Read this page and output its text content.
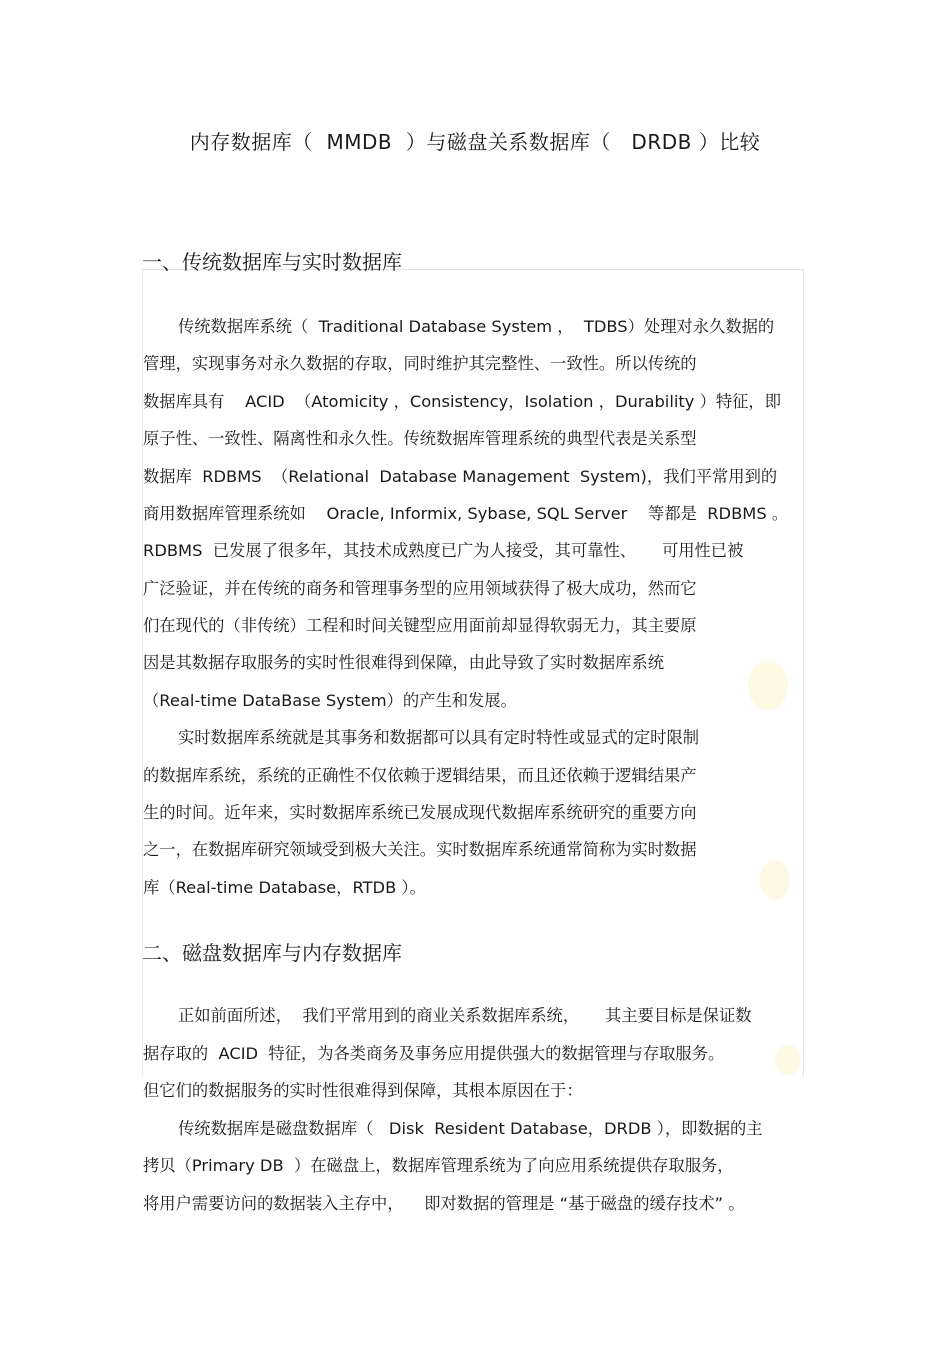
内存数据库（  MMDB  ）与磁盘关系数据库（   DRDB ）比较
一、传统数据库与实时数据库
传统数据库系统（  Traditional Database System ，  TDBS）处理对永久数据的
管理，实现事务对永久数据的存取，同时维护其完整性、一致性。所以传统的
数据库具有    ACID  （Atomicity ，Consistency，Isolation ，Durability ）特征，即
原子性、一致性、隔离性和永久性。传统数据库管理系统的典型代表是关系型
数据库  RDBMS  （Relational  Database Management  System)，我们平常用到的
商用数据库管理系统如    Oracle, Informix, Sybase, SQL Server    等都是  RDBMS 。
RDBMS  已发展了很多年，其技术成熟度已广为人接受，其可靠性、     可用性已被
广泛验证，并在传统的商务和管理事务型的应用领域获得了极大成功，然而它
们在现代的（非传统）工程和时间关键型应用面前却显得软弱无力，其主要原
因是其数据存取服务的实时性很难得到保障，由此导致了实时数据库系统
（Real-time DataBase System）的产生和发展。
实时数据库系统就是其事务和数据都可以具有定时特性或显式的定时限制
的数据库系统，系统的正确性不仅依赖于逻辑结果，而且还依赖于逻辑结果产
生的时间。近年来，实时数据库系统已发展成现代数据库系统研究的重要方向
之一，在数据库研究领域受到极大关注。实时数据库系统通常简称为实时数据
库（Real-time Database，RTDB ）。
二、磁盘数据库与内存数据库
正如前面所述，  我们平常用到的商业关系数据库系统，     其主要目标是保证数
据存取的  ACID  特征，为各类商务及事务应用提供强大的数据管理与存取服务。
但它们的数据服务的实时性很难得到保障，其根本原因在于：
传统数据库是磁盘数据库（   Disk  Resident Database，DRDB ），即数据的主
拷贝（Primary DB  ）在磁盘上，数据库管理系统为了向应用系统提供存取服务，
将用户需要访问的数据装入主存中，    即对数据的管理是 “基于磁盘的缓存技术” 。
